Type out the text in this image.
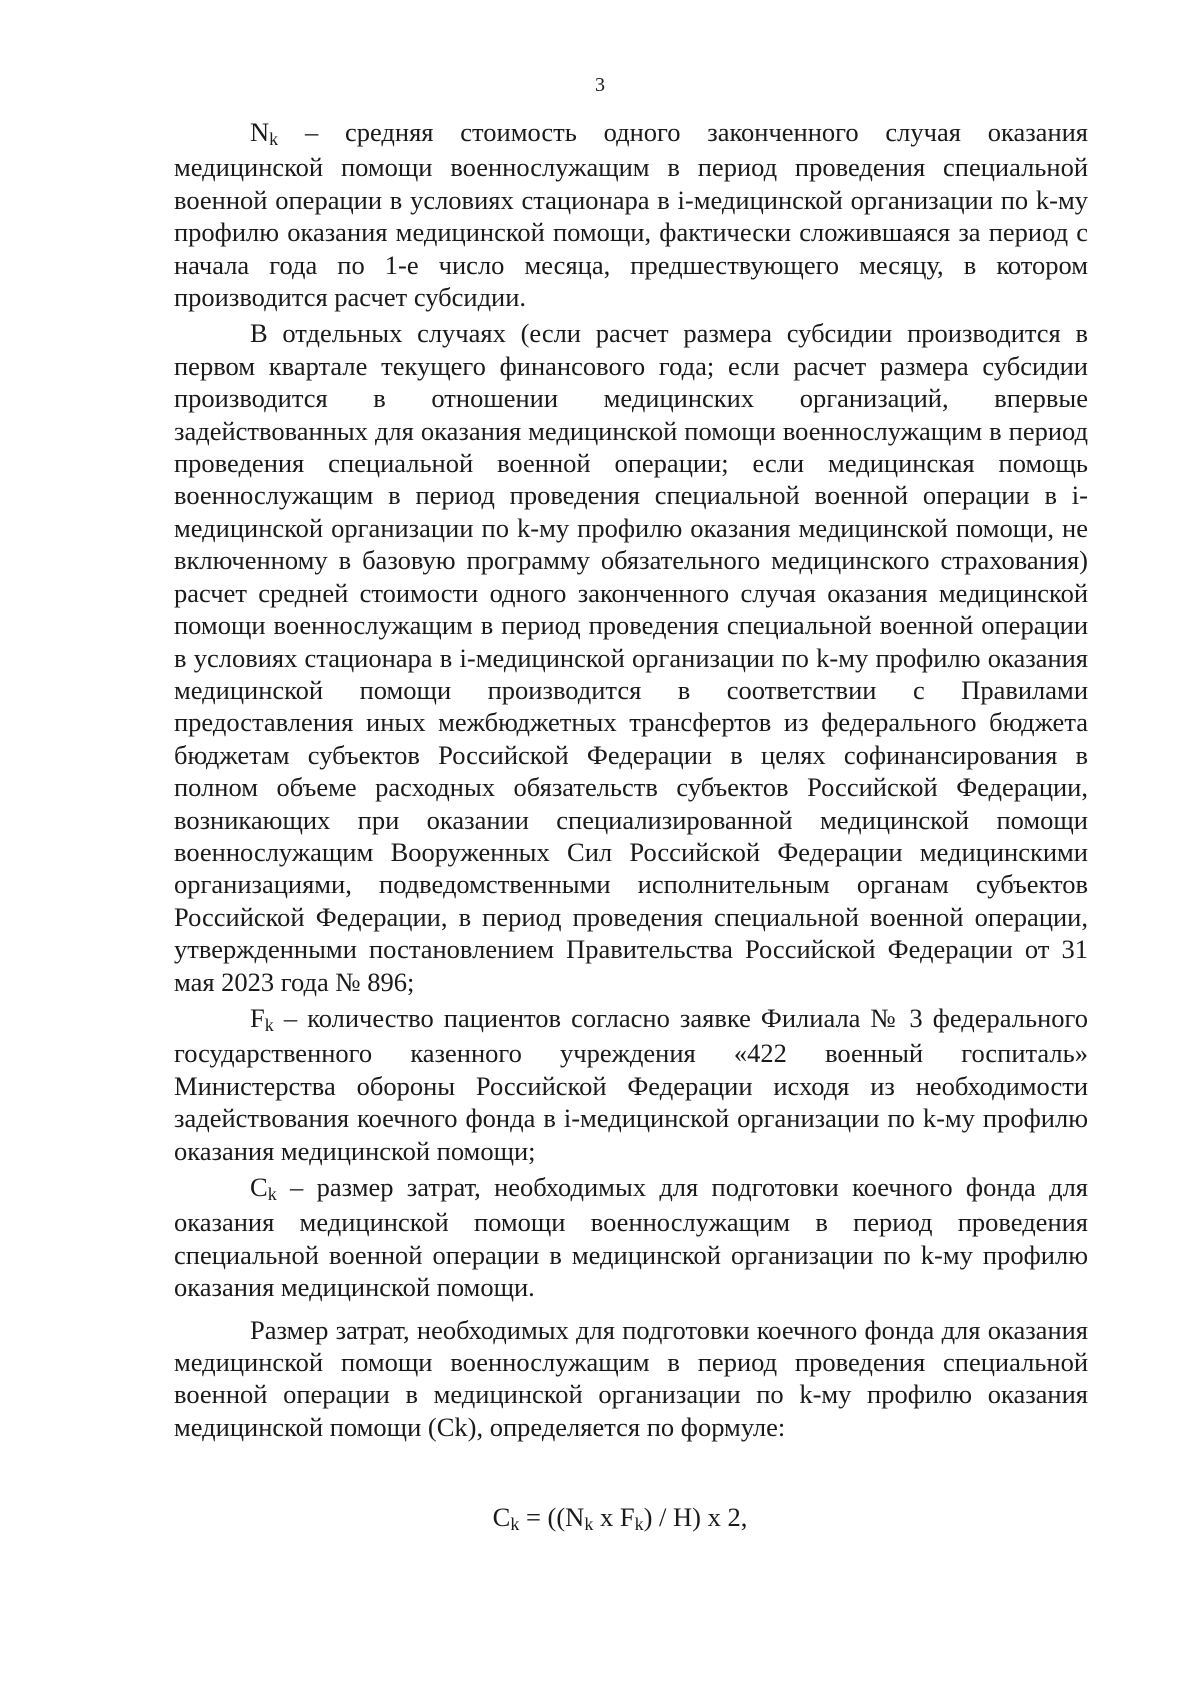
3

Nk – средняя стоимость одного законченного случая оказания медицинской помощи военнослужащим в период проведения специальной военной операции в условиях стационара в i-медицинской организации по k-му профилю оказания медицинской помощи, фактически сложившаяся за период с начала года по 1-е число месяца, предшествующего месяцу, в котором производится расчет субсидии.

В отдельных случаях (если расчет размера субсидии производится в первом квартале текущего финансового года; если расчет размера субсидии производится в отношении медицинских организаций, впервые задействованных для оказания медицинской помощи военнослужащим в период проведения специальной военной операции; если медицинская помощь военнослужащим в период проведения специальной военной операции в i-медицинской организации по k-му профилю оказания медицинской помощи, не включенному в базовую программу обязательного медицинского страхования) расчет средней стоимости одного законченного случая оказания медицинской помощи военнослужащим в период проведения специальной военной операции в условиях стационара в i-медицинской организации по k-му профилю оказания медицинской помощи производится в соответствии с Правилами предоставления иных межбюджетных трансфертов из федерального бюджета бюджетам субъектов Российской Федерации в целях софинансирования в полном объеме расходных обязательств субъектов Российской Федерации, возникающих при оказании специализированной медицинской помощи военнослужащим Вооруженных Сил Российской Федерации медицинскими организациями, подведомственными исполнительным органам субъектов Российской Федерации, в период проведения специальной военной операции, утвержденными постановлением Правительства Российской Федерации от 31 мая 2023 года № 896;

Fk – количество пациентов согласно заявке Филиала № 3 федерального государственного казенного учреждения «422 военный госпиталь» Министерства обороны Российской Федерации исходя из необходимости задействования коечного фонда в i-медицинской организации по k-му профилю оказания медицинской помощи;

Ck – размер затрат, необходимых для подготовки коечного фонда для оказания медицинской помощи военнослужащим в период проведения специальной военной операции в медицинской организации по k-му профилю оказания медицинской помощи.

Размер затрат, необходимых для подготовки коечного фонда для оказания медицинской помощи военнослужащим в период проведения специальной военной операции в медицинской организации по k-му профилю оказания медицинской помощи (Ck), определяется по формуле:

Ck = ((Nk x Fk) / H) x 2,
